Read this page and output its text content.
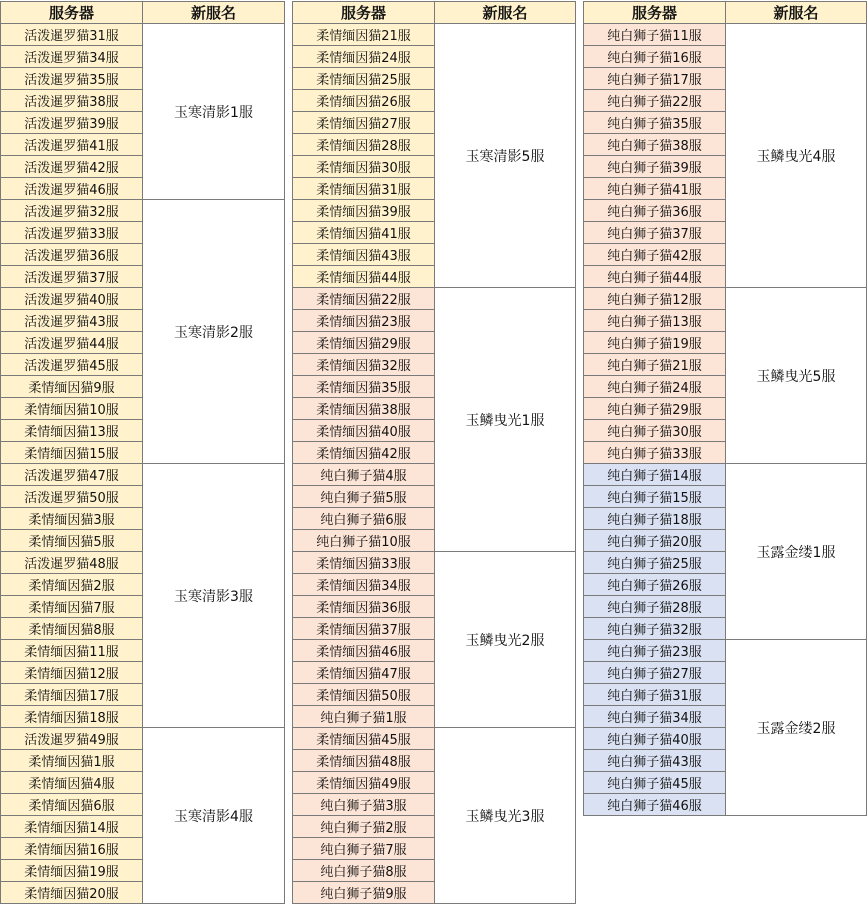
服务器	新服名
活泼暹罗猫31服	玉寒清影1服
活泼暹罗猫34服	
活泼暹罗猫35服	
活泼暹罗猫38服	
活泼暹罗猫39服	
活泼暹罗猫41服	
活泼暹罗猫42服	
活泼暹罗猫46服	
活泼暹罗猫32服	玉寒清影2服
活泼暹罗猫33服	
活泼暹罗猫36服	
活泼暹罗猫37服	
活泼暹罗猫40服	
活泼暹罗猫43服	
活泼暹罗猫44服	
活泼暹罗猫45服	
柔情缅因猫9服	
柔情缅因猫10服	
柔情缅因猫13服	
柔情缅因猫15服	
活泼暹罗猫47服	玉寒清影3服
活泼暹罗猫50服	
柔情缅因猫3服	
柔情缅因猫5服	
活泼暹罗猫48服	
柔情缅因猫2服	
柔情缅因猫7服	
柔情缅因猫8服	
柔情缅因猫11服	
柔情缅因猫12服	
柔情缅因猫17服	
柔情缅因猫18服	
活泼暹罗猫49服	玉寒清影4服
柔情缅因猫1服	
柔情缅因猫4服	
柔情缅因猫6服	
柔情缅因猫14服	
柔情缅因猫16服	
柔情缅因猫19服	
柔情缅因猫20服	
服务器	新服名
柔情缅因猫21服	玉寒清影5服
柔情缅因猫24服	
柔情缅因猫25服	
柔情缅因猫26服	
柔情缅因猫27服	
柔情缅因猫28服	
柔情缅因猫30服	
柔情缅因猫31服	
柔情缅因猫39服	
柔情缅因猫41服	
柔情缅因猫43服	
柔情缅因猫44服	
柔情缅因猫22服	玉鳞曳光1服
柔情缅因猫23服	
柔情缅因猫29服	
柔情缅因猫32服	
柔情缅因猫35服	
柔情缅因猫38服	
柔情缅因猫40服	
柔情缅因猫42服	
纯白狮子猫4服	
纯白狮子猫5服	
纯白狮子猫6服	
纯白狮子猫10服	
柔情缅因猫33服	玉鳞曳光2服
柔情缅因猫34服	
柔情缅因猫36服	
柔情缅因猫37服	
柔情缅因猫46服	
柔情缅因猫47服	
柔情缅因猫50服	
纯白狮子猫1服	
柔情缅因猫45服	玉鳞曳光3服
柔情缅因猫48服	
柔情缅因猫49服	
纯白狮子猫3服	
纯白狮子猫2服	
纯白狮子猫7服	
纯白狮子猫8服	
纯白狮子猫9服	
服务器	新服名
纯白狮子猫11服	玉鳞曳光4服
纯白狮子猫16服	
纯白狮子猫17服	
纯白狮子猫22服	
纯白狮子猫35服	
纯白狮子猫38服	
纯白狮子猫39服	
纯白狮子猫41服	
纯白狮子猫36服	
纯白狮子猫37服	
纯白狮子猫42服	
纯白狮子猫44服	
纯白狮子猫12服	玉鳞曳光5服
纯白狮子猫13服	
纯白狮子猫19服	
纯白狮子猫21服	
纯白狮子猫24服	
纯白狮子猫29服	
纯白狮子猫30服	
纯白狮子猫33服	
纯白狮子猫14服	玉露金缕1服
纯白狮子猫15服	
纯白狮子猫18服	
纯白狮子猫20服	
纯白狮子猫25服	
纯白狮子猫26服	
纯白狮子猫28服	
纯白狮子猫32服	
纯白狮子猫23服	玉露金缕2服
纯白狮子猫27服	
纯白狮子猫31服	
纯白狮子猫34服	
纯白狮子猫40服	
纯白狮子猫43服	
纯白狮子猫45服	
纯白狮子猫46服	
